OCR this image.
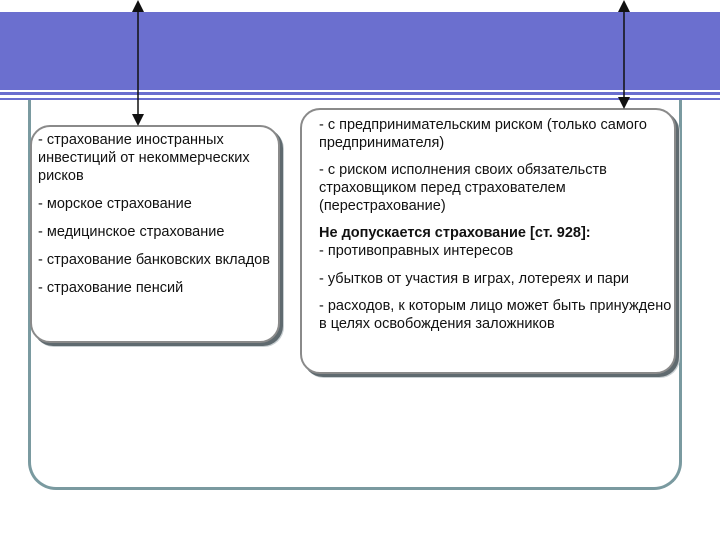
- страхование иностранных инвестиций от некоммерческих рисков
- морское страхование
- медицинское страхование
- страхование банковских вкладов
- страхование пенсий
- с предпринимательским риском (только самого предпринимателя)
- с риском исполнения своих обязательств страховщиком перед страхователем (перестрахование)
Не допускается страхование [ст. 928]:
- противоправных интересов
- убытков от участия в играх, лотереях и пари
- расходов, к которым лицо может быть принуждено в целях освобождения заложников
